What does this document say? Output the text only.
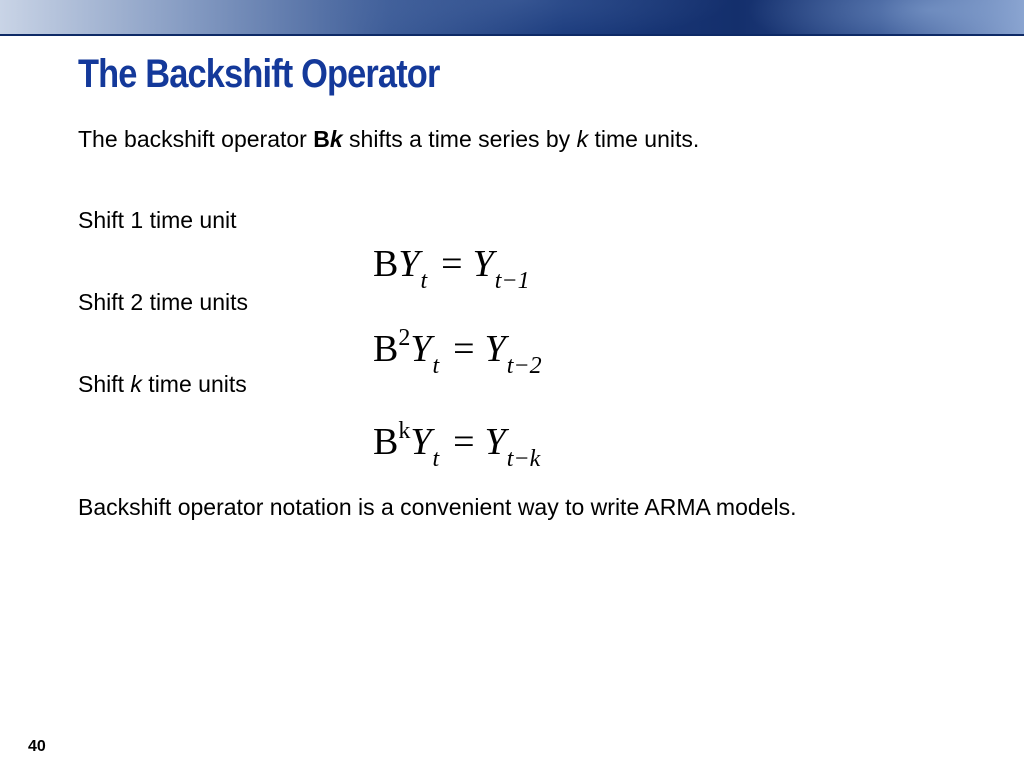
The Backshift Operator
The backshift operator Bk shifts a time series by k time units.
Shift 1 time unit
Shift 2 time units
Shift k time units
$BY_t = Y_{t-1}$
$B^2Y_t = Y_{t-2}$
$B^kY_t = Y_{t-k}$
Backshift operator notation is a convenient way to write ARMA models.
40
